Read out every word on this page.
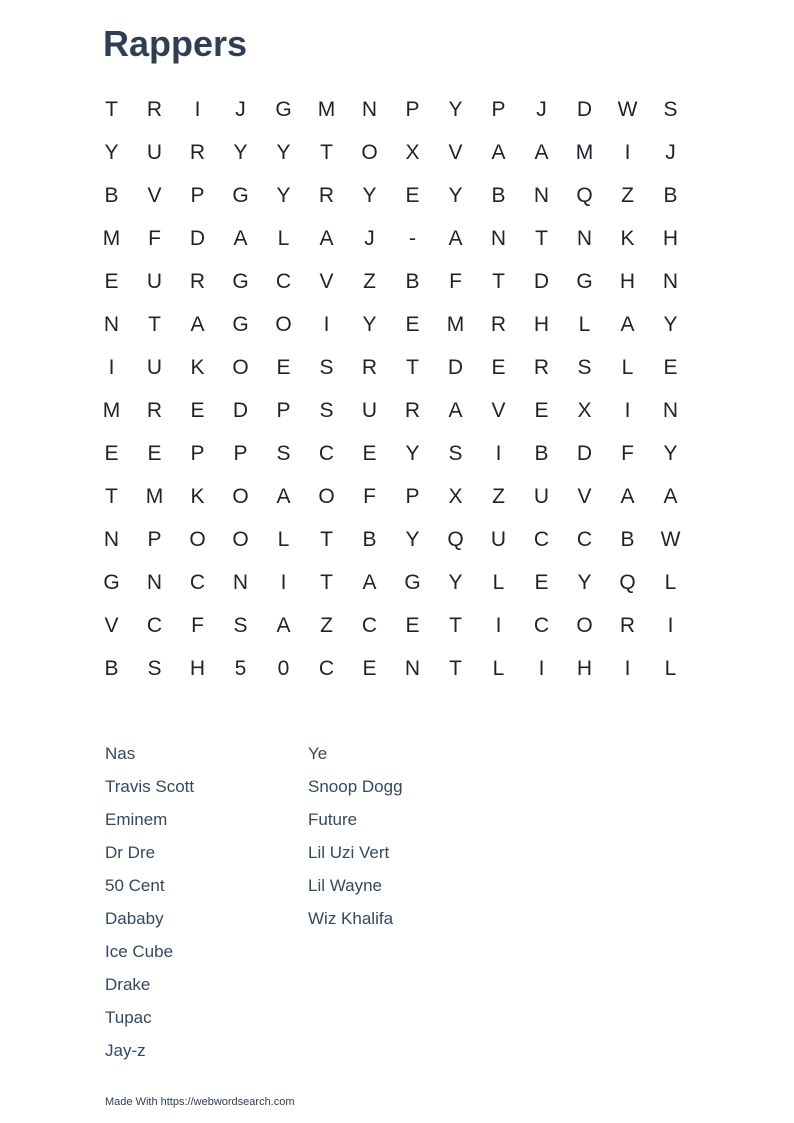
Rappers
T	R	I	J	G	M	N	P	Y	P	J	D	W	S
Y	U	R	Y	Y	T	O	X	V	A	A	M	I	J
B	V	P	G	Y	R	Y	E	Y	B	N	Q	Z	B
M	F	D	A	L	A	J	-	A	N	T	N	K	H
E	U	R	G	C	V	Z	B	F	T	D	G	H	N
N	T	A	G	O	I	Y	E	M	R	H	L	A	Y
I	U	K	O	E	S	R	T	D	E	R	S	L	E
M	R	E	D	P	S	U	R	A	V	E	X	I	N
E	E	P	P	S	C	E	Y	S	I	B	D	F	Y
T	M	K	O	A	O	F	P	X	Z	U	V	A	A
N	P	O	O	L	T	B	Y	Q	U	C	C	B	W
G	N	C	N	I	T	A	G	Y	L	E	Y	Q	L
V	C	F	S	A	Z	C	E	T	I	C	O	R	I
B	S	H	5	0	C	E	N	T	L	I	H	I	L
Nas
Travis Scott
Eminem
Dr Dre
50 Cent
Dababy
Ice Cube
Drake
Tupac
Jay-z
Ye
Snoop Dogg
Future
Lil Uzi Vert
Lil Wayne
Wiz Khalifa
Made With https://webwordsearch.com
